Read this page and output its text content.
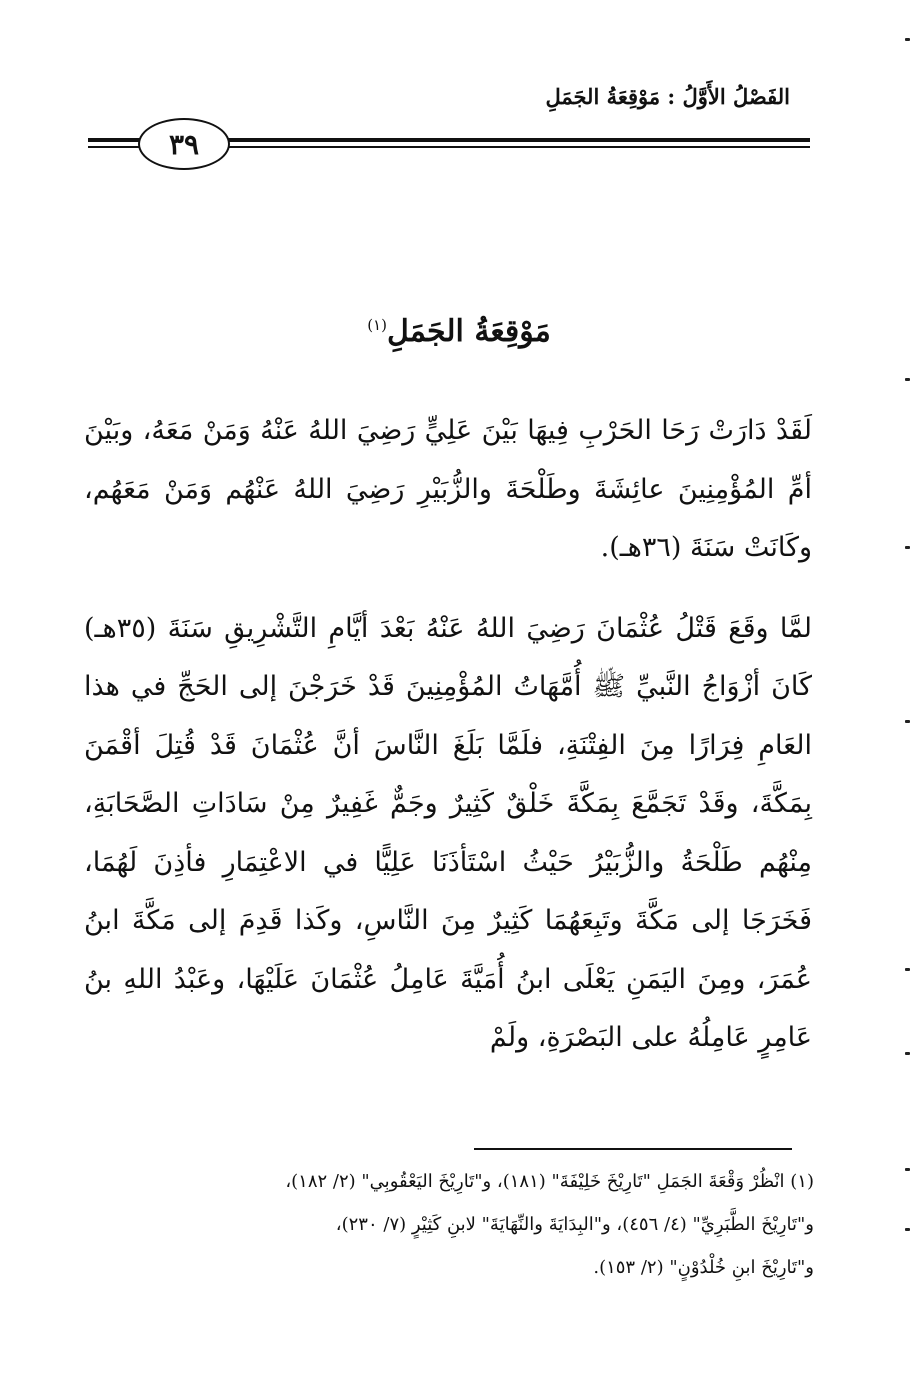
الفَصْلُ الأَوَّلُ : مَوْقِعَةُ الجَمَلِ
٣٩
مَوْقِعَةُ الجَمَلِ$^{(١)}$

لَقَدْ دَارَتْ رَحَا الحَرْبِ فِيهَا بَيْنَ عَلِيٍّ رَضِيَ اللهُ عَنْهُ وَمَنْ مَعَهُ، وبَيْنَ أمِّ المُؤْمِنِينَ عائِشَةَ وطَلْحَةَ والزُّبَيْرِ رَضِيَ اللهُ عَنْهُم وَمَنْ مَعَهُم، وكَانَتْ سَنَةَ (٣٦هـ).

لمَّا وقَعَ قَتْلُ عُثْمَانَ رَضِيَ اللهُ عَنْهُ بَعْدَ أيَّامِ التَّشْرِيقِ سَنَةَ (٣٥هـ) كَانَ أزْوَاجُ النَّبيِّ ﷺ أُمَّهَاتُ المُؤْمِنِينَ قَدْ خَرَجْنَ إلى الحَجِّ في هذا العَامِ فِرَارًا مِنَ الفِتْنَةِ، فلَمَّا بَلَغَ النَّاسَ أنَّ عُثْمَانَ قَدْ قُتِلَ أقْمَنَ بِمَكَّةَ، وقَدْ تَجَمَّعَ بِمَكَّةَ خَلْقٌ كَثِيرٌ وجَمٌّ غَفِيرٌ مِنْ سَادَاتِ الصَّحَابَةِ، مِنْهُم طَلْحَةُ والزُّبَيْرُ حَيْثُ اسْتَأذَنَا عَلِيًّا في الاعْتِمَارِ فأذِنَ لَهُمَا، فَخَرَجَا إلى مَكَّةَ وتَبِعَهُمَا كَثِيرٌ مِنَ النَّاسِ، وكَذا قَدِمَ إلى مَكَّةَ ابنُ عُمَرَ، ومِنَ اليَمَنِ يَعْلَى ابنُ أُمَيَّةَ عَامِلُ عُثْمَانَ عَلَيْهَا، وعَبْدُ اللهِ بنُ عَامِرٍ عَامِلُهُ على البَصْرَةِ، ولَمْ

(١) انْظُرْ وَقْعَةَ الجَمَلِ "تَارِيْخَ خَلِيْفَةَ" (١٨١)، و"تَارِيْخَ اليَعْقُوبِي" (٢/ ١٨٢)،

و"تَارِيْخَ الطَّبَرِيِّ" (٤/ ٤٥٦)، و"البِدَايَةَ والنِّهَايَةَ" لابنِ كَثِيْرٍ (٧/ ٢٣٠)،

و"تَارِيْخَ ابنِ خُلْدُوْنٍ" (٢/ ١٥٣).
